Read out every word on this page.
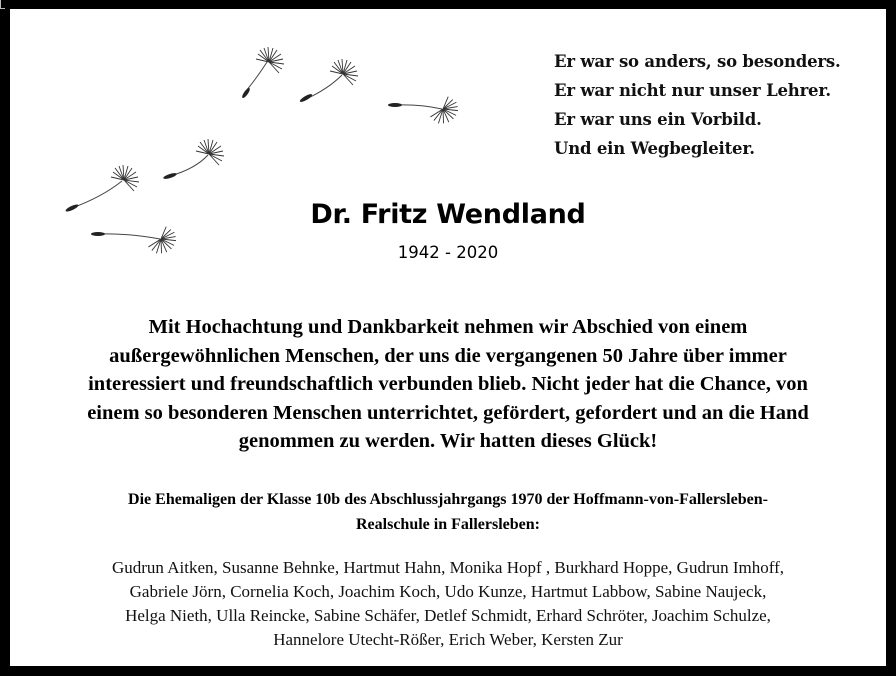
Er war so anders, so besonders.
Er war nicht nur unser Lehrer.
Er war uns ein Vorbild.
Und ein Wegbegleiter.
Dr. Fritz Wendland
1942 - 2020
Mit Hochachtung und Dankbarkeit nehmen wir Abschied von einem
außergewöhnlichen Menschen, der uns die vergangenen 50 Jahre über immer
interessiert und freundschaftlich verbunden blieb. Nicht jeder hat die Chance, von
einem so besonderen Menschen unterrichtet, gefördert, gefordert und an die Hand
genommen zu werden. Wir hatten dieses Glück!
Die Ehemaligen der Klasse 10b des Abschlussjahrgangs 1970 der Hoffmann-von-Fallersleben-
Realschule in Fallersleben:
Gudrun Aitken, Susanne Behnke, Hartmut Hahn, Monika Hopf , Burkhard Hoppe, Gudrun Imhoff,
Gabriele Jörn, Cornelia Koch, Joachim Koch, Udo Kunze, Hartmut Labbow, Sabine Naujeck,
Helga Nieth, Ulla Reincke, Sabine Schäfer, Detlef Schmidt, Erhard Schröter, Joachim Schulze,
Hannelore Utecht-Rößer, Erich Weber, Kersten Zur
